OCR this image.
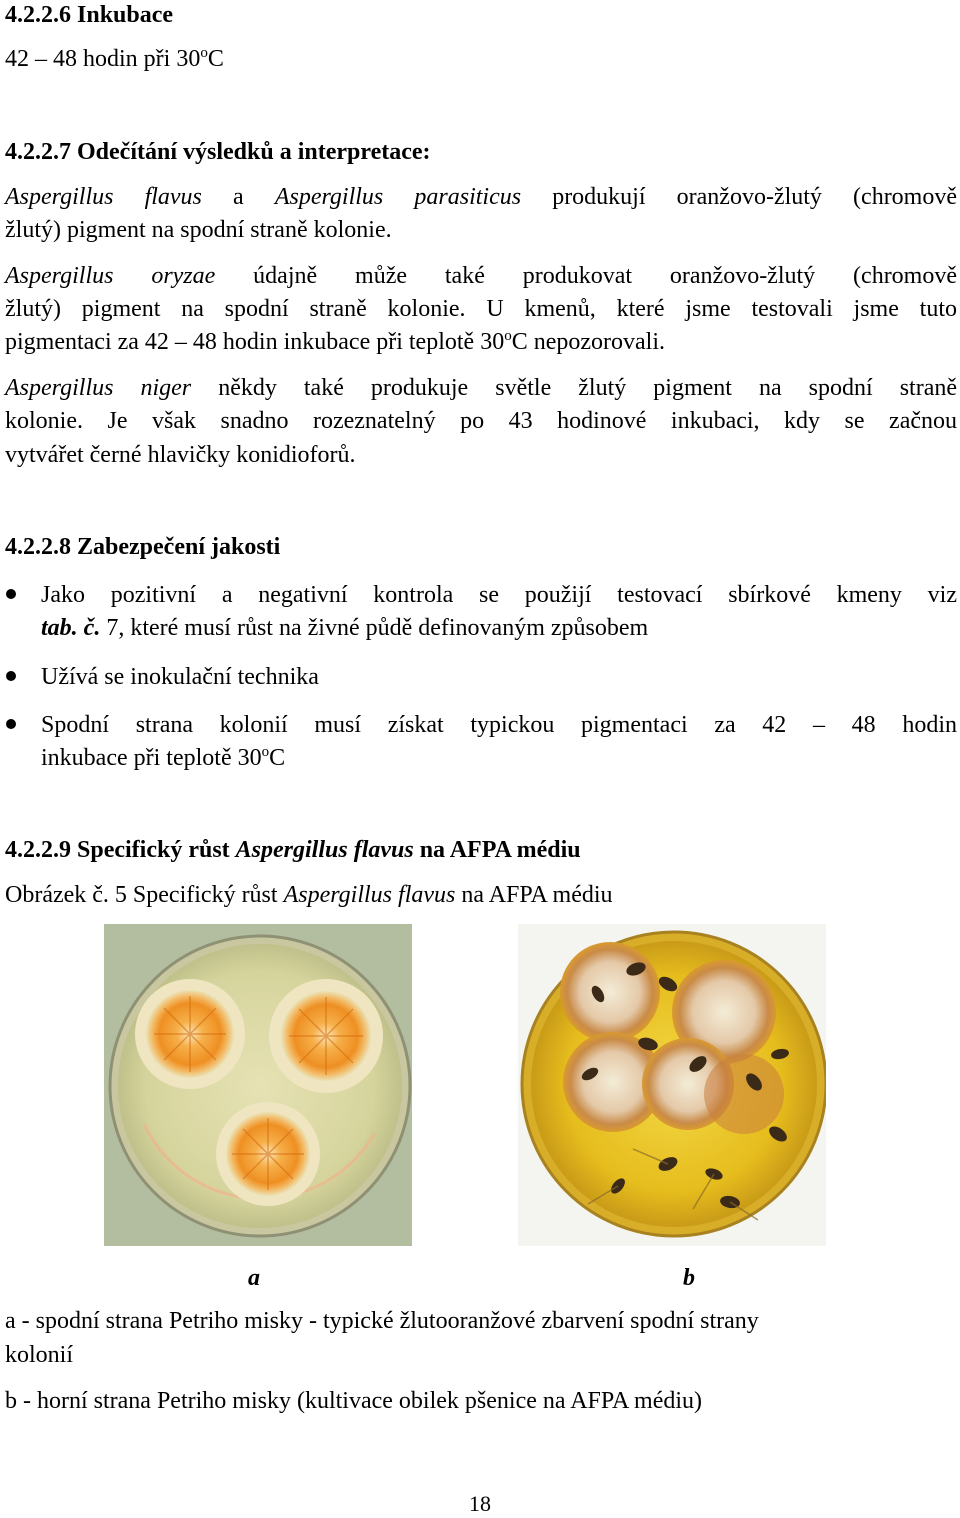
4.2.2.6 Inkubace
42 – 48 hodin při 30$^o$C
4.2.2.7 Odečítání výsledků a interpretace:
Aspergillus flavus a Aspergillus parasiticus produkují oranžovo-žlutý (chromově
žlutý) pigment na spodní straně kolonie.
Aspergillus oryzae údajně může také produkovat oranžovo-žlutý (chromově
žlutý) pigment na spodní straně kolonie. U kmenů, které jsme testovali jsme tuto
pigmentaci za 42 – 48 hodin inkubace při teplotě 30$^o$C nepozorovali.
Aspergillus niger někdy také produkuje světle žlutý pigment na spodní straně
kolonie. Je však snadno rozeznatelný po 43 hodinové inkubaci, kdy se začnou
vytvářet černé hlavičky konidioforů.
4.2.2.8 Zabezpečení jakosti
Jako pozitivní a negativní kontrola se použijí testovací sbírkové kmeny viz
tab. č. 7, které musí růst na živné půdě definovaným způsobem
Užívá se inokulační technika
Spodní strana kolonií musí získat typickou pigmentaci za 42 – 48 hodin
inkubace při teplotě 30$^o$C
4.2.2.9 Specifický růst Aspergillus flavus na AFPA médiu
Obrázek č. 5 Specifický růst Aspergillus flavus na AFPA médiu
a	b
a - spodní strana Petriho misky - typické žlutooranžové zbarvení spodní strany
kolonií
b - horní strana Petriho misky (kultivace obilek pšenice na AFPA médiu)
18
